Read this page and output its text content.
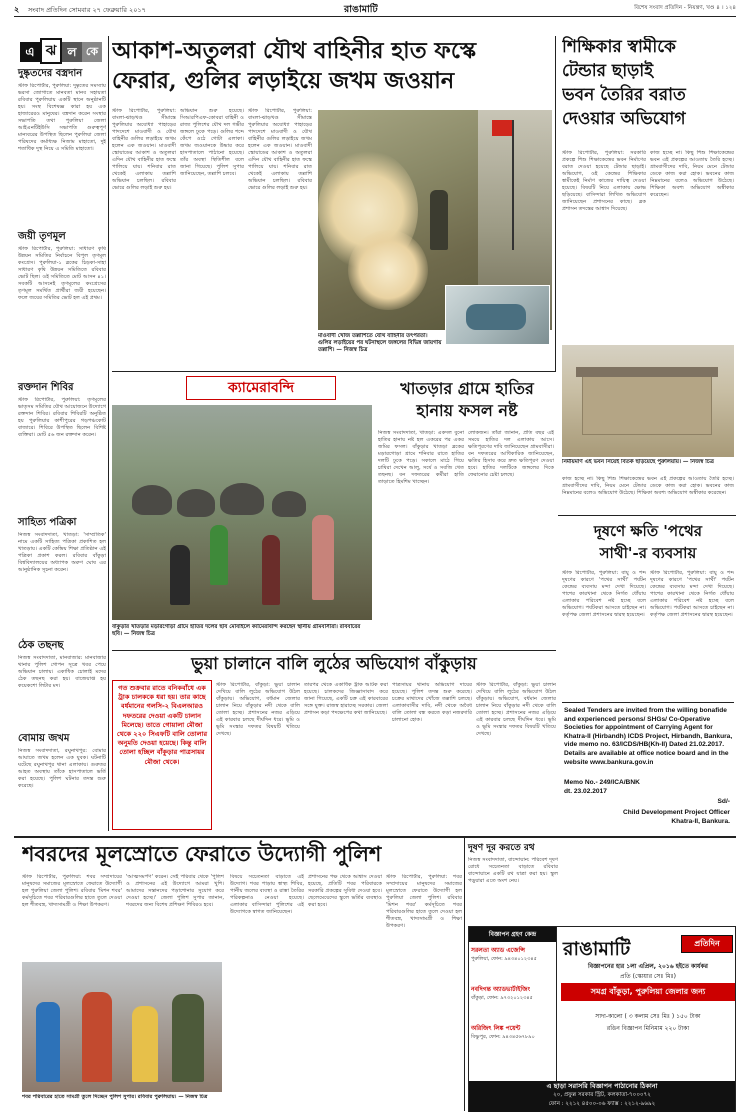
২ সংবাদ প্রতিদিন সোমবার ২৭ ফেব্রুয়ারি ২০১৭	রাঙামাটি	বিশেষ সংবাদ প্রতিদিন - নিয়ন্ত্রণ, খণ্ড ৪ । ১২৪
এ ঝ ল কে
দুষ্কৃতদের বস্ত্রদান
স্টাফ রিপোর্টার, পুরুলিয়া: দুষ্কৃতের সমস্যায় ভরসা জোগাতে মানবতা মানব সহায়তা রবিবার পুরুলিয়ায় একটি স্থানে অনুষ্ঠানটি হয়। সংস্থ বিশেষজ্ঞ কারা হয় এক হাজারেরও মানুষের। বস্ত্রদান করেন সংস্থার সভাপতি তথা পুরুলিয়া জেলা আইএনটিইউসি সভাপতি গুরুত্বপূর্ণ মান্যবরের উপস্থিত ছিলেন পুরুলিয়া জেলা পরিষদের কর্মাধ্যক্ষ নিজাম মাহাতো, দুই শতাধিক দুস্থ নিয়ে এ সমিতি মাহাতো।
জয়ী তৃণমূল
স্টাফ রিপোর্টার, পুরুলিয়া: সাধারণ কৃষি উন্নয়ন সমিতির নির্বাচনে বিপুল তৃণমূল কংগ্রেস। পুরুলিয়া-১ ব্লকের চিড়কা-সাহা সাধারণ কৃষি উন্নয়ন সমিতিতে রবিবার ভোট ছিল। ওই সমিতিতে মোট আসন ৪১। সবকটি আসনেই তৃণমূলের কংগ্রেসের তৃণমূল সমর্থিত প্রার্থীরা জয়ী হয়েছেন। ফলে জয়ের সমিতির ভোট হল এই প্রথম।
রক্তদান শিবির
স্টাফ রিপোর্টার, পুরুলিয়া: তৃণমূলের ভাতৃসম সমিতির যৌথ আয়োজনে উদ্যোগে রক্তদান শিবির। রবিবার শিবিরটি অনুষ্ঠিত হয় পুরুলিয়ার কাশীপুরের গড়পঞ্চকোট বাজারে। শিবিরে উপস্থিত ছিলেন বিশিষ্ট ব্যক্তিরা। মোট ৫৬ জন রক্তদান করেন।
সাহিত্য পত্রিকা
নিজস্ব সংবাদদাতা, খাতড়া: 'সাম্প্রতিক' নামে একটি সাহিত্য পত্রিকা প্রকাশিত হল খাতড়ায়। একটি কেন্দ্রিয় শিক্ষা প্রতিষ্ঠান এই পত্রিকা প্রকাশ করল। রবিবার বাঁকুড়া বিশ্ববিদ্যালয়ের অধ্যাপক অরুণ ঘোষ এর আনুষ্ঠানিক সূচনা করেন।
ঠেক তছনছ
নিজস্ব সংবাদদাতা, মানবাজার: মানবাজার থানার পুলিশ গোপন সূত্রে খবর পেয়ে অভিযান চালায়। একাধিক চোলাই মদের ঠেক তছনছ করা হয়। বাজেয়াপ্ত হয় কয়েকশো লিটার মদ।
বোমায় জখম
নিজস্ব সংবাদদাতা, রঘুনাথপুর: বোমার আঘাতে জখম হলেন এক যুবক। ঘটনাটি ঘটেছে রঘুনাথপুর থানা এলাকায়। গুরুতর আহত অবস্থায় তাঁকে হাসপাতালে ভর্তি করা হয়েছে। পুলিশ ঘটনার তদন্ত শুরু করেছে।
আকাশ-অতুলরা যৌথ বাহিনীর হাত ফস্কে
ফেরার, গুলির লড়াইয়ে জখম জওয়ান
স্টাফ রিপোর্টার, পুরুলিয়া: বাংলা-ঝাড়খণ্ড সীমান্তে পুরুলিয়ার অযোধ্যা পাহাড়ের পাদদেশে মাওবাদী ও যৌথ বাহিনীর গুলির লড়াইয়ে জখম হলেন এক জওয়ান। মাওবাদী স্কোয়াডের আকাশ ও অতুলরা এদিন যৌথ বাহিনীর হাত ফস্কে পালিয়ে যায়। শনিবার রাত থেকেই এলাকায় তল্লাশি অভিযান চলছিল। রবিবার ভোরে গুলির লড়াই শুরু হয়।
অভিযান শুরু হয়েছে। সিআরপিএফ-কোবরা বাহিনী ও রাজ্য পুলিশের যৌথ দল গভীর জঙ্গলে ঢুকে পড়ে। গুলির শব্দে কেঁপে ওঠে গোটা এলাকা। জখম জওয়ানকে উদ্ধার করে হাসপাতালে পাঠানো হয়েছে। তাঁর অবস্থা স্থিতিশীল বলে জানা গিয়েছে। পুলিশ সুপার জানিয়েছেন, তল্লাশি চলবে।
স্টাফ রিপোর্টার, পুরুলিয়া: বাংলা-ঝাড়খণ্ড সীমান্তে পুরুলিয়ার অযোধ্যা পাহাড়ের পাদদেশে মাওবাদী ও যৌথ বাহিনীর গুলির লড়াইয়ে জখম হলেন এক জওয়ান। মাওবাদী স্কোয়াডের আকাশ ও অতুলরা এদিন যৌথ বাহিনীর হাত ফস্কে পালিয়ে যায়। শনিবার রাত থেকেই এলাকায় তল্লাশি অভিযান চলছিল। রবিবার ভোরে গুলির লড়াই শুরু হয়।
মাওবাদী খোঁজ তল্লাশিতে যৌথ বাহিনীর তৎপরতা। গুলির লড়াইয়ের পর ঘটনাস্থলে জঙ্গলের বিভিন্ন জায়গায় তল্লাশি। — নিজস্ব চিত্র
শিক্ষিকার স্বামীকে
টেন্ডার ছাড়াই
ভবন তৈরির বরাত
দেওয়ার অভিযোগ
স্টাফ রিপোর্টার, পুরুলিয়া: সরকারি প্রকল্পে শিশু শিক্ষাকেন্দ্রের ভবন নির্মাণের বরাত দেওয়া হয়েছে টেন্ডার ছাড়াই। অভিযোগ, ওই কেন্দ্রের শিক্ষিকার স্বামীকেই নির্মাণ কাজের দায়িত্ব দেওয়া হয়েছে। বিষয়টি নিয়ে এলাকায় ক্ষোভ ছড়িয়েছে। বাসিন্দারা লিখিত অভিযোগ জানিয়েছেন প্রশাসনের কাছে। ব্লক প্রশাসন তদন্তের আশ্বাস দিয়েছে।
কাজ হচ্ছে না। কিছু শিশু শিক্ষাকেন্দ্রের ভবন এই প্রকল্পের আওতায় তৈরি হচ্ছে। গ্রামবাসীদের দাবি, নিয়ম মেনে টেন্ডার ডেকে কাজ করা হোক। ভবনের কাজ নিম্নমানের বলেও অভিযোগ উঠেছে। শিক্ষিকা অবশ্য অভিযোগ অস্বীকার করেছেন।
নির্মীয়মাণ এই ভবন নিয়েই বিতর্ক ছড়িয়েছে পুরুলিয়ায়। — নিজস্ব চিত্র
কাজ হচ্ছে না। কিছু শিশু শিক্ষাকেন্দ্রের ভবন এই প্রকল্পের আওতায় তৈরি হচ্ছে। গ্রামবাসীদের দাবি, নিয়ম মেনে টেন্ডার ডেকে কাজ করা হোক। ভবনের কাজ নিম্নমানের বলেও অভিযোগ উঠেছে। শিক্ষিকা অবশ্য অভিযোগ অস্বীকার করেছেন।
ক্যামেরাবন্দি
বাঁকুড়ার খাতড়ার মড়ারগোড়া গ্রামে হাতির দলের ছবি মোবাইলে ক্যামেরাবন্দি করছেন স্থানীয় গ্রামবাসীরা। রবিবারের ছবি। — নিজস্ব চিত্র
খাতড়ার গ্রামে হাতির
হানায় ফসল নষ্ট
নিজস্ব সংবাদদাতা, খাতড়া: একদল বুনো হাতির হানায় নষ্ট হল একরের পর একর জমির ফসল। বাঁকুড়ার খাতড়া ব্লকের মড়ারগোড়া গ্রামে শনিবার রাতে হাতির দলটি ঢুকে পড়ে। সকালে মাঠে গিয়ে চাষিরা দেখেন আলু, সর্ষে ও সবজি খেত তছনছ। বন দফতরের কর্মীরা হাতি তাড়াতে হিমশিম খাচ্ছেন।
লোকজন। তাঁরা জানান, প্রতি বছর এই সময়ে হাতির দল এলাকায় আসে। ক্ষতিপূরণের দাবি জানিয়েছেন গ্রামবাসীরা। বন দফতরের আধিকারিক জানিয়েছেন, ক্ষতির হিসাব করে দ্রুত ক্ষতিপূরণ দেওয়া হবে। হাতির দলটিকে জঙ্গলের দিকে ফেরানোর চেষ্টা চলছে।
দূষণে ক্ষতি 'পথের
সাথী'-র ব্যবসায়
স্টাফ রিপোর্টার, পুরুলিয়া: বায়ু ও শব্দ দূষণের কারণে 'পথের সাথী' পর্যটন কেন্দ্রের ব্যবসায় মন্দা দেখা দিয়েছে। পাশের কারখানা থেকে নির্গত ধোঁয়ায় এলাকার পরিবেশ নষ্ট হচ্ছে বলে অভিযোগ। পর্যটকরা আসতে চাইছেন না। কর্তৃপক্ষ জেলা প্রশাসনের দ্বারস্থ হয়েছেন।
স্টাফ রিপোর্টার, পুরুলিয়া: বায়ু ও শব্দ দূষণের কারণে 'পথের সাথী' পর্যটন কেন্দ্রের ব্যবসায় মন্দা দেখা দিয়েছে। পাশের কারখানা থেকে নির্গত ধোঁয়ায় এলাকার পরিবেশ নষ্ট হচ্ছে বলে অভিযোগ। পর্যটকরা আসতে চাইছেন না। কর্তৃপক্ষ জেলা প্রশাসনের দ্বারস্থ হয়েছেন।
ভুয়া চালানে বালি লুঠের অভিযোগ বাঁকুড়ায়
গত শুক্রবার রাতে বনিকবাঁধে এক ট্রাক চালককে ধরা হয়। তার কাছে বর্ধমানের গলসি-২ বিএলআরও দফতরের দেওয়া একটি চালান মিলেছে। তাতে গোয়ালা মৌজা থেকে ২২০ সিএফটি বালি তোলার অনুমতি দেওয়া হয়েছে। কিন্তু বালি তোলা হচ্ছিল বাঁকুড়ার পাত্রসায়র মৌজা থেকে।
স্টাফ রিপোর্টার, বাঁকুড়া: ভুয়া চালান দেখিয়ে বালি লুঠের অভিযোগ উঠল বাঁকুড়ায়। অভিযোগ, বর্ধমান জেলার চালান নিয়ে বাঁকুড়ার নদী থেকে বালি তোলা হচ্ছে। প্রশাসনের নজর এড়িয়ে এই কারবার চলছে দীর্ঘদিন ধরে। ভূমি ও ভূমি সংস্কার দফতর বিষয়টি খতিয়ে দেখছে।
তারপর থেকে একাধিক ট্রাক আটক করা হয়েছে। চালকদের জিজ্ঞাসাবাদ করে জানা গিয়েছে, একটি চক্র এই কারবারের সঙ্গে যুক্ত। রাজস্ব হারাচ্ছে সরকার। জেলা প্রশাসন কড়া পদক্ষেপের কথা জানিয়েছে।
পাত্রসায়র থানায় অভিযোগ দায়ের হয়েছে। পুলিশ তদন্ত শুরু করেছে। চক্রের মাথাদের খোঁজে তল্লাশি চলছে। এলাকাবাসীর দাবি, নদী থেকে অবৈধ বালি তোলা বন্ধ করতে কড়া নজরদারি চালানো হোক।
স্টাফ রিপোর্টার, বাঁকুড়া: ভুয়া চালান দেখিয়ে বালি লুঠের অভিযোগ উঠল বাঁকুড়ায়। অভিযোগ, বর্ধমান জেলার চালান নিয়ে বাঁকুড়ার নদী থেকে বালি তোলা হচ্ছে। প্রশাসনের নজর এড়িয়ে এই কারবার চলছে দীর্ঘদিন ধরে। ভূমি ও ভূমি সংস্কার দফতর বিষয়টি খতিয়ে দেখছে।
Sealed Tenders are invited from the willing bonafide and experienced persons/ SHGs/ Co-Operative Societies for appointment of Carrying Agent for Khatra-II (Hirbandh) ICDS Project, Hirbandh, Bankura, vide memo no. 63/ICDS/HB(Kh-II) Dated 21.02.2017. Details are available at office notice board and in the website www.bankura.gov.in
Memo No.- 249/ICA/BNK
dt. 23.02.2017
Sd/-
Child Development Project Officer
Khatra-II, Bankura.
শবরদের মূলস্রোতে ফেরাতে উদ্যোগী পুলিশ
স্টাফ রিপোর্টার, পুরুলিয়া: শবর সম্প্রদায়ের মানুষদের সমাজের মূলস্রোতে ফেরাতে উদ্যোগী হল পুরুলিয়া জেলা পুলিশ। রবিবার 'মিশন শবর' কর্মসূচিতে শবর পরিবারগুলির হাতে তুলে দেওয়া হল শীতবস্ত্র, খাদ্যসামগ্রী ও শিক্ষা উপকরণ।
'আত্মসমর্পণ' করেন। সেই পরিবার থেকে 'পুলিশ ও প্রশাসনের এই উদ্যোগে আমরা খুশি। আমাদের সন্তানদের পড়াশোনার সুযোগ করে দেওয়া হচ্ছে।' জেলা পুলিশ সুপার জানান, শবরদের জন্য বিশেষ প্রশিক্ষণ শিবিরও হবে।
শবর পরিবারের হাতে সামগ্রী তুলে দিচ্ছেন পুলিশ সুপার। রবিবার পুরুলিয়ায়। — নিজস্ব চিত্র
বিষয়ে সচেতনতা বাড়াতে এই উদ্যোগ। শবর পাড়ায় স্বাস্থ্য শিবির, পানীয় জলের ব্যবস্থা ও রাস্তা তৈরির পরিকল্পনাও নেওয়া হয়েছে। এলাকার বাসিন্দারা পুলিশের এই উদ্যোগকে স্বাগত জানিয়েছেন।
প্রশাসনের পক্ষ থেকে আশ্বাস দেওয়া হয়েছে, প্রতিটি শবর পরিবারকে সরকারি প্রকল্পের সুবিধা দেওয়া হবে। ছেলেমেয়েদের স্কুলে ভর্তির ব্যবস্থাও করা হবে।
স্টাফ রিপোর্টার, পুরুলিয়া: শবর সম্প্রদায়ের মানুষদের সমাজের মূলস্রোতে ফেরাতে উদ্যোগী হল পুরুলিয়া জেলা পুলিশ। রবিবার 'মিশন শবর' কর্মসূচিতে শবর পরিবারগুলির হাতে তুলে দেওয়া হল শীতবস্ত্র, খাদ্যসামগ্রী ও শিক্ষা উপকরণ।
দূষণ দূর করতে রথ
নিজস্ব সংবাদদাতা, বান্দোয়ান: পরিবেশ দূষণ রোধে সচেতনতা বাড়াতে রবিবার বান্দোয়ানে একটি রথ যাত্রা করা হয়। স্কুল পড়ুয়ারা এতে অংশ নেয়।
বিজ্ঞাপন গ্রহণ কেন্দ্র
সরলতা অ্যাড এজেন্সি
পুরুলিয়া, ফোন: ৯৪৩৪০১২৩৪৫
নবদিগন্ত অ্যাডভার্টাইজিং
বাঁকুড়া, ফোন: ৯৭৩২০১২৩৪৫
অরিজিৎ লিঙ্ক পয়েন্ট
বিষ্ণুপুর, ফোন: ৯৪৩৪৫৬৭৮৯০
রাঙামাটি	প্রতিদিন
বিজ্ঞাপনের হার ১লা এপ্রিল, ২০১৬ হইতে কার্যকর
প্রতি (স্কোয়ার সেঃ মিঃ)
সমগ্র বাঁকুড়া, পুরুলিয়া জেলার জন্য
সাদা-কালো ( ৩ কলাম সেঃ মিঃ ) ১৫০ টাকা
রঙিন বিজ্ঞাপন মিনিমাম ২২০ টাকা
এ ছাড়া সরাসরি বিজ্ঞাপন পাঠানোর ঠিকানা
২০, প্রফুল্ল সরকার স্ট্রিট, কলকাতা-৭০০০৭২
ফোন : ২২১২ ৪৫০০-০৬ ফ্যাক্স : ২২১২-৯৬৯২
